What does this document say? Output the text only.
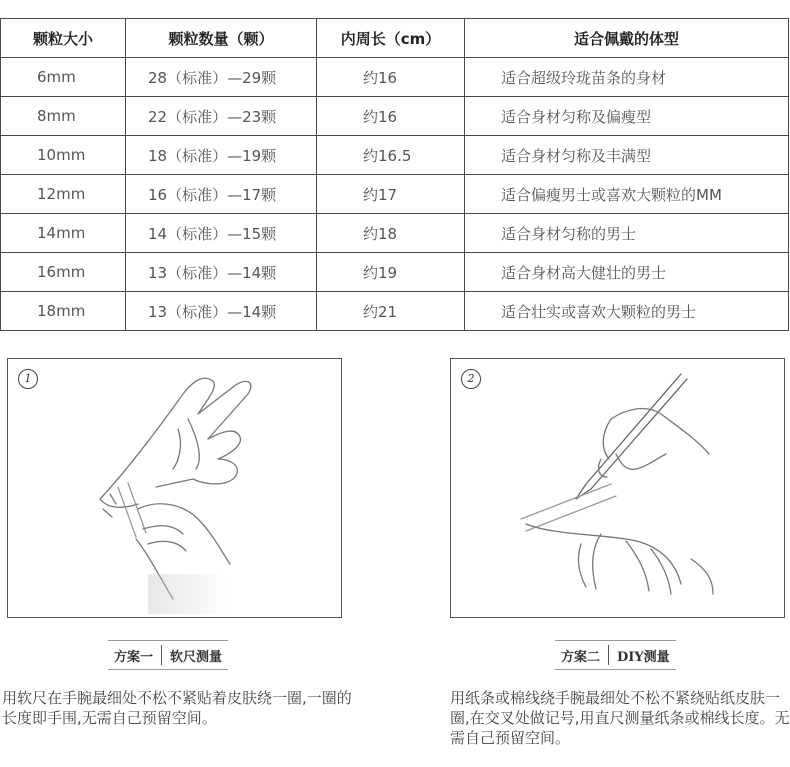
颗粒大小	颗粒数量（颗）	内周长（cm）	适合佩戴的体型
6mm	28（标准）—29颗	约16	适合超级玲珑苗条的身材
8mm	22（标准）—23颗	约16	适合身材匀称及偏瘦型
10mm	18（标准）—19颗	约16.5	适合身材匀称及丰满型
12mm	16（标准）—17颗	约17	适合偏瘦男士或喜欢大颗粒的MM
14mm	14（标准）—15颗	约18	适合身材匀称的男士
16mm	13（标准）—14颗	约19	适合身材高大健壮的男士
18mm	13（标准）—14颗	约21	适合壮实或喜欢大颗粒的男士
1	2
方案一	软尺测量	方案二	DIY测量
用软尺在手腕最细处不松不紧贴着皮肤绕一圈,一圈的长度即手围,无需自己预留空间。
用纸条或棉线绕手腕最细处不松不紧绕贴纸皮肤一圈,在交叉处做记号,用直尺测量纸条或棉线长度。无需自己预留空间。
